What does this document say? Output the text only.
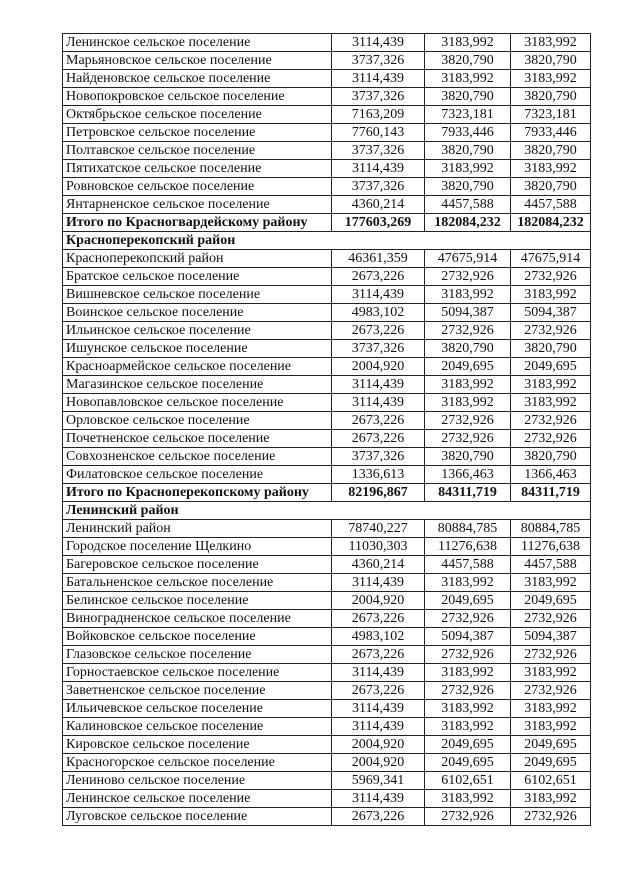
Ленинское сельское поселение	3114,439	3183,992	3183,992
Марьяновское сельское поселение	3737,326	3820,790	3820,790
Найденовское сельское поселение	3114,439	3183,992	3183,992
Новопокровское сельское поселение	3737,326	3820,790	3820,790
Октябрьское сельское поселение	7163,209	7323,181	7323,181
Петровское сельское поселение	7760,143	7933,446	7933,446
Полтавское сельское поселение	3737,326	3820,790	3820,790
Пятихатское сельское поселение	3114,439	3183,992	3183,992
Ровновское сельское поселение	3737,326	3820,790	3820,790
Янтарненское сельское поселение	4360,214	4457,588	4457,588
Итого по Красногвардейскому району	177603,269	182084,232	182084,232
Красноперекопский район			
Красноперекопский район	46361,359	47675,914	47675,914
Братское сельское поселение	2673,226	2732,926	2732,926
Вишневское сельское поселение	3114,439	3183,992	3183,992
Воинское сельское поселение	4983,102	5094,387	5094,387
Ильинское сельское поселение	2673,226	2732,926	2732,926
Ишунское сельское поселение	3737,326	3820,790	3820,790
Красноармейское сельское поселение	2004,920	2049,695	2049,695
Магазинское сельское поселение	3114,439	3183,992	3183,992
Новопавловское сельское поселение	3114,439	3183,992	3183,992
Орловское сельское поселение	2673,226	2732,926	2732,926
Почетненское сельское поселение	2673,226	2732,926	2732,926
Совхозненское сельское поселение	3737,326	3820,790	3820,790
Филатовское сельское поселение	1336,613	1366,463	1366,463
Итого по Красноперекопскому району	82196,867	84311,719	84311,719
Ленинский район			
Ленинский район	78740,227	80884,785	80884,785
Городское поселение Щелкино	11030,303	11276,638	11276,638
Багеровское сельское поселение	4360,214	4457,588	4457,588
Батальненское сельское поселение	3114,439	3183,992	3183,992
Белинское сельское поселение	2004,920	2049,695	2049,695
Виноградненское сельское поселение	2673,226	2732,926	2732,926
Войковское сельское поселение	4983,102	5094,387	5094,387
Глазовское сельское поселение	2673,226	2732,926	2732,926
Горностаевское сельское поселение	3114,439	3183,992	3183,992
Заветненское сельское поселение	2673,226	2732,926	2732,926
Ильичевское сельское поселение	3114,439	3183,992	3183,992
Калиновское сельское поселение	3114,439	3183,992	3183,992
Кировское сельское поселение	2004,920	2049,695	2049,695
Красногорское сельское поселение	2004,920	2049,695	2049,695
Лениново сельское поселение	5969,341	6102,651	6102,651
Ленинское сельское поселение	3114,439	3183,992	3183,992
Луговское сельское поселение	2673,226	2732,926	2732,926
